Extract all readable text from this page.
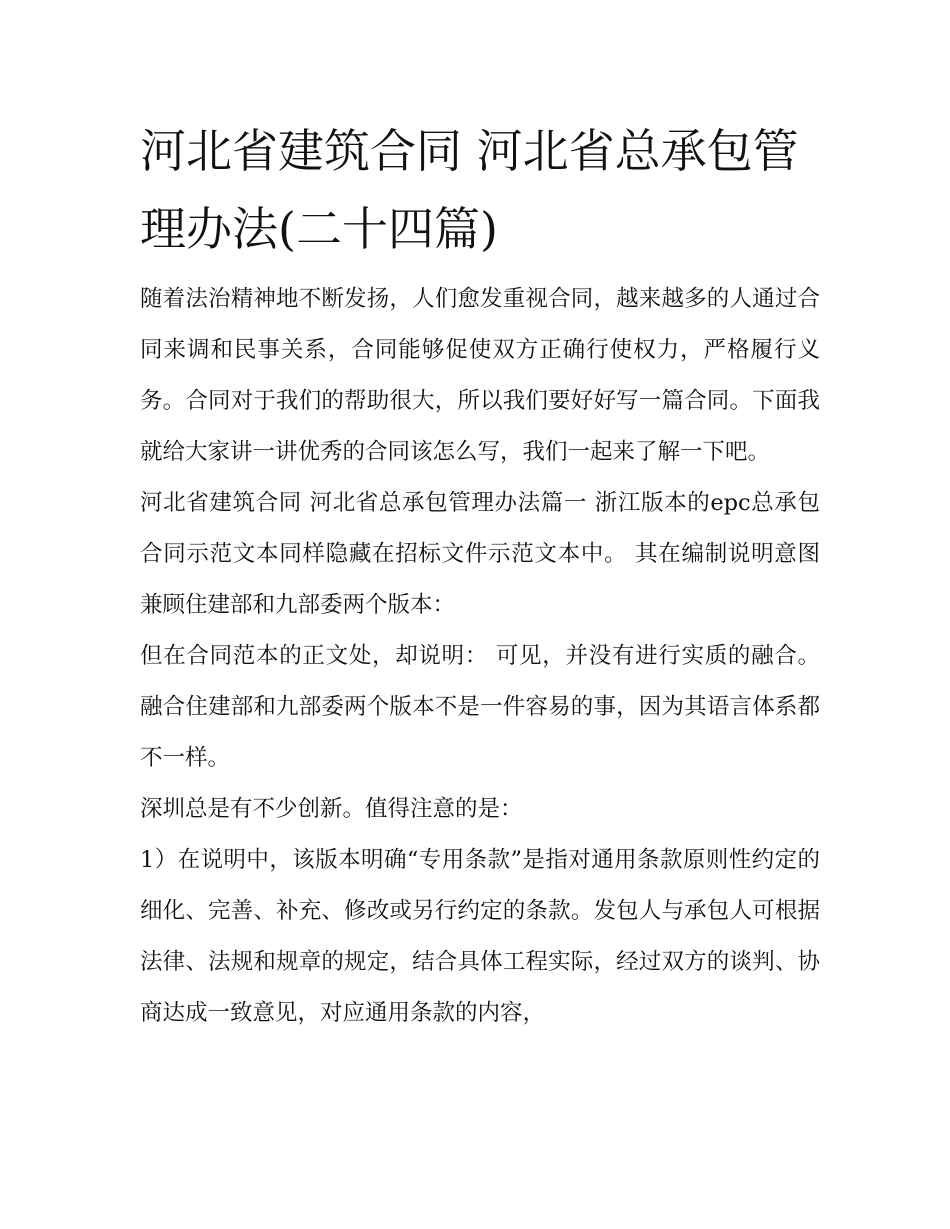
河北省建筑合同 河北省总承包管理办法(二十四篇)

随着法治精神地不断发扬，人们愈发重视合同，越来越多的人通过合同来调和民事关系，合同能够促使双方正确行使权力，严格履行义务。合同对于我们的帮助很大，所以我们要好好写一篇合同。下面我就给大家讲一讲优秀的合同该怎么写，我们一起来了解一下吧。

河北省建筑合同 河北省总承包管理办法篇一 浙江版本的epc总承包合同示范文本同样隐藏在招标文件示范文本中。 其在编制说明意图兼顾住建部和九部委两个版本：

但在合同范本的正文处，却说明： 可见，并没有进行实质的融合。融合住建部和九部委两个版本不是一件容易的事，因为其语言体系都不一样。

深圳总是有不少创新。值得注意的是：

1）在说明中，该版本明确“专用条款”是指对通用条款原则性约定的细化、完善、补充、修改或另行约定的条款。发包人与承包人可根据法律、法规和规章的规定，结合具体工程实际，经过双方的谈判、协商达成一致意见，对应通用条款的内容，
